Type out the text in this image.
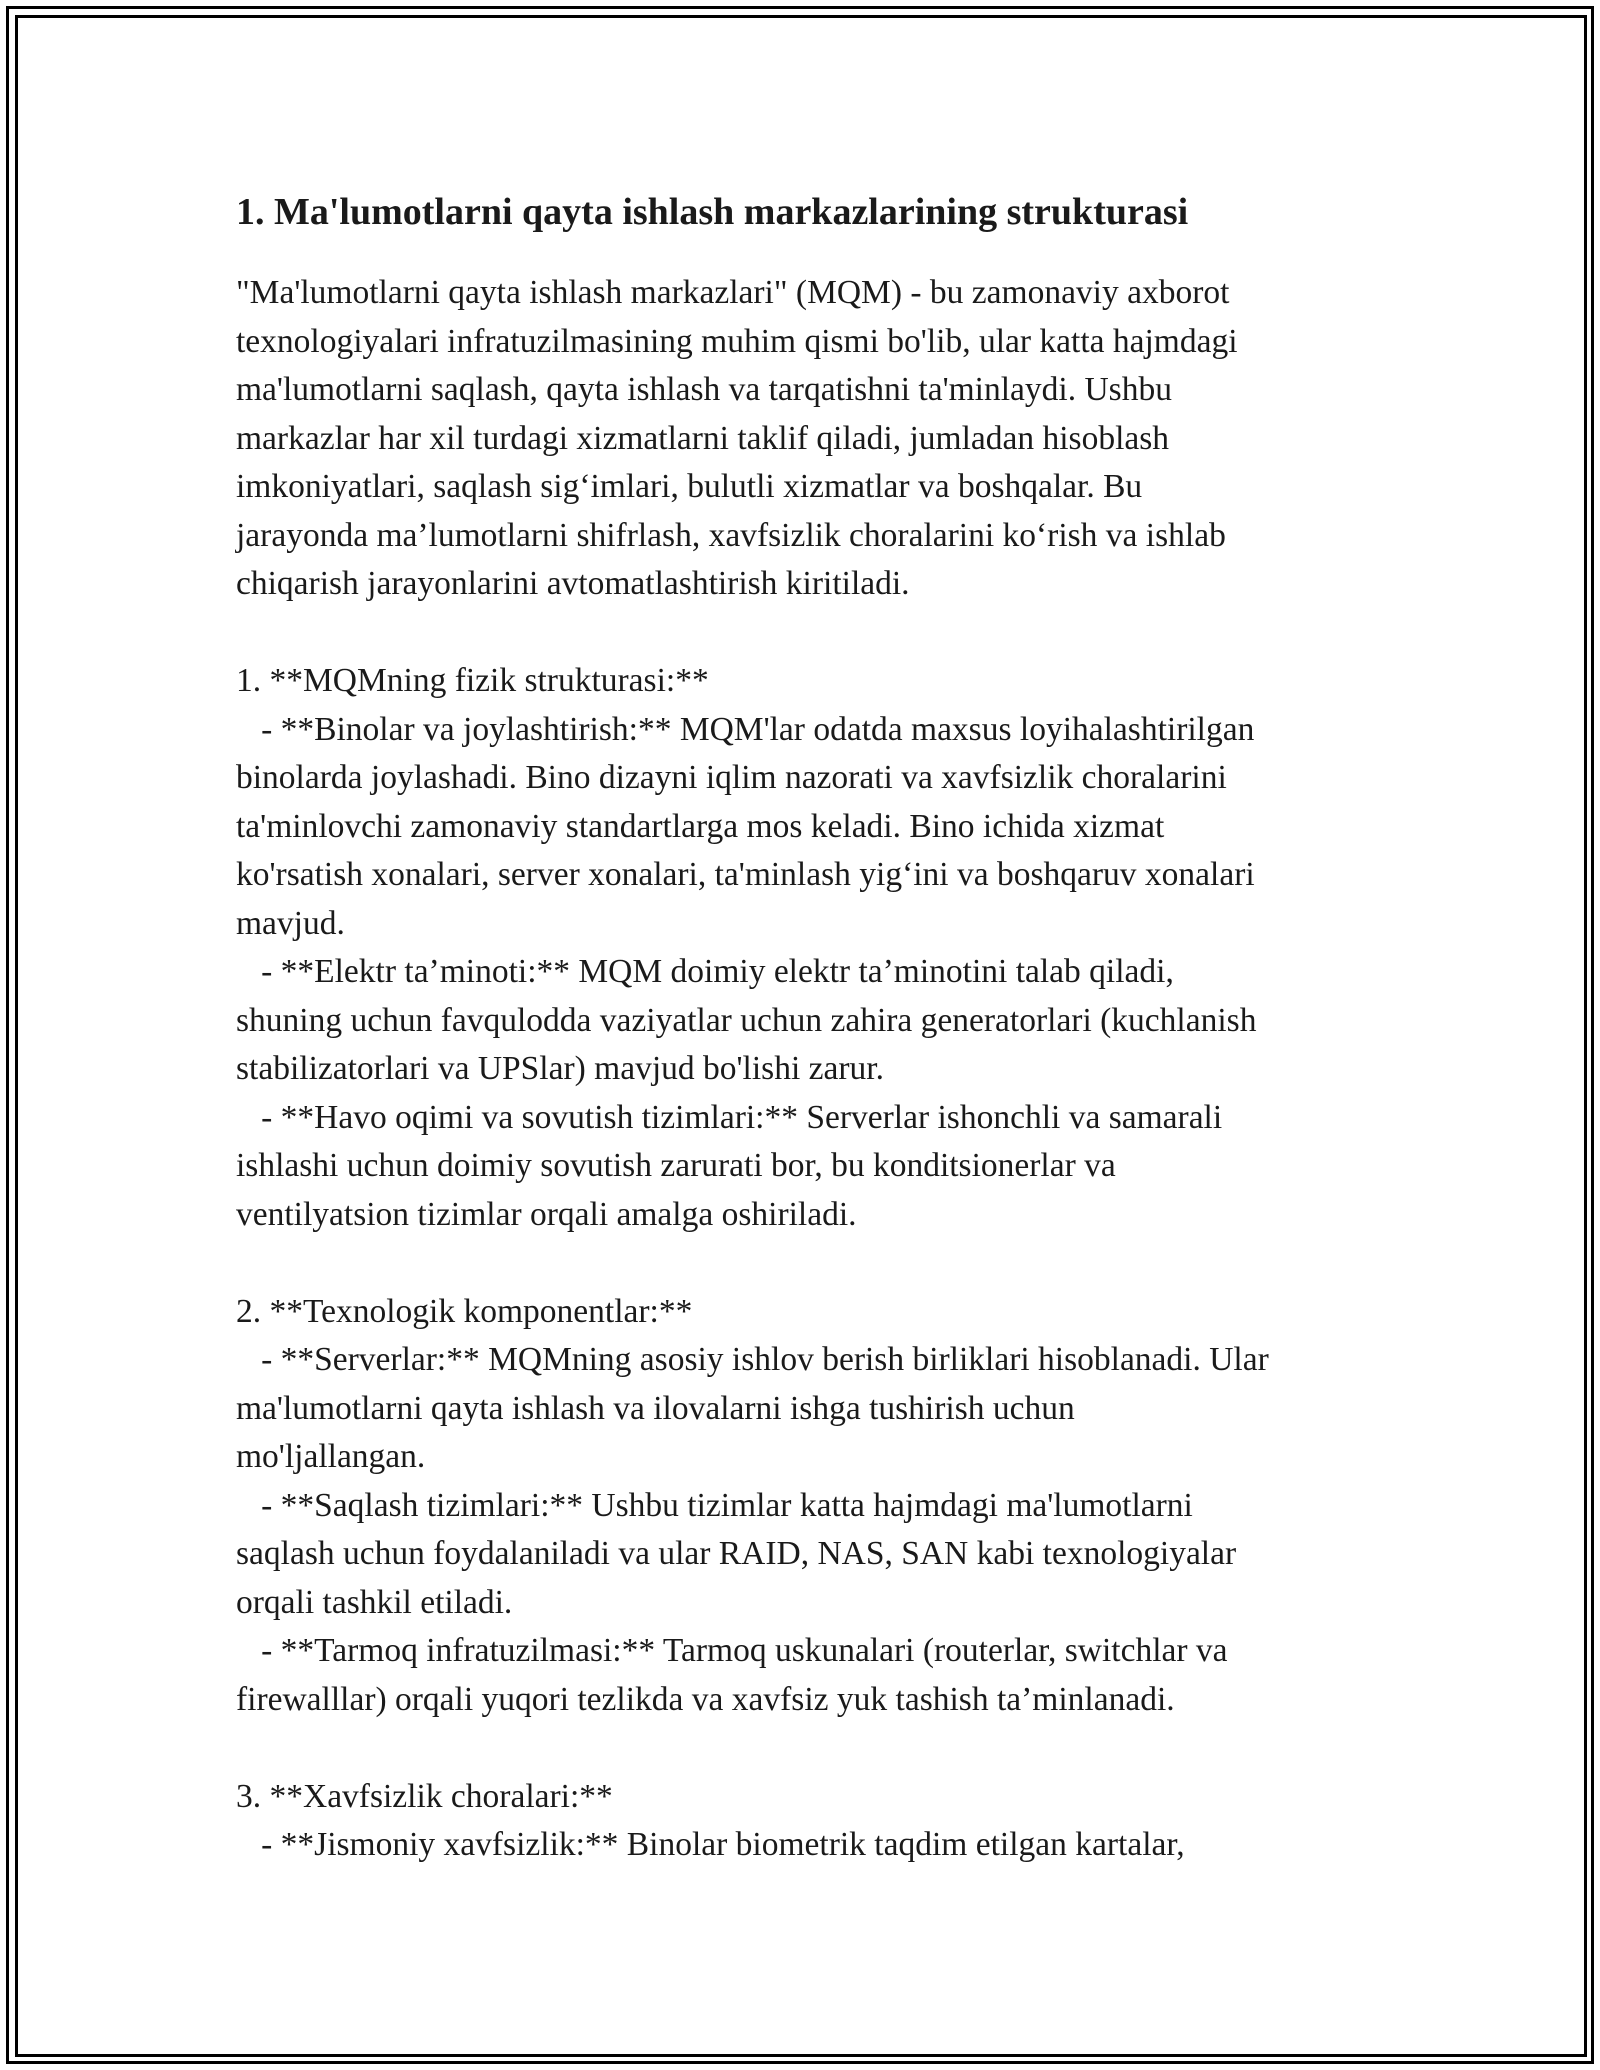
1. Ma'lumotlarni qayta ishlash markazlarining strukturasi

"Ma'lumotlarni qayta ishlash markazlari" (MQM) - bu zamonaviy axborot
texnologiyalari infratuzilmasining muhim qismi bo'lib, ular katta hajmdagi
ma'lumotlarni saqlash, qayta ishlash va tarqatishni ta'minlaydi. Ushbu
markazlar har xil turdagi xizmatlarni taklif qiladi, jumladan hisoblash
imkoniyatlari, saqlash sig‘imlari, bulutli xizmatlar va boshqalar. Bu
jarayonda ma’lumotlarni shifrlash, xavfsizlik choralarini ko‘rish va ishlab
chiqarish jarayonlarini avtomatlashtirish kiritiladi.

1. **MQMning fizik strukturasi:**
- **Binolar va joylashtirish:** MQM'lar odatda maxsus loyihalashtirilgan
binolarda joylashadi. Bino dizayni iqlim nazorati va xavfsizlik choralarini
ta'minlovchi zamonaviy standartlarga mos keladi. Bino ichida xizmat
ko'rsatish xonalari, server xonalari, ta'minlash yig‘ini va boshqaruv xonalari
mavjud.
- **Elektr ta’minoti:** MQM doimiy elektr ta’minotini talab qiladi,
shuning uchun favqulodda vaziyatlar uchun zahira generatorlari (kuchlanish
stabilizatorlari va UPSlar) mavjud bo'lishi zarur.
- **Havo oqimi va sovutish tizimlari:** Serverlar ishonchli va samarali
ishlashi uchun doimiy sovutish zarurati bor, bu konditsionerlar va
ventilyatsion tizimlar orqali amalga oshiriladi.

2. **Texnologik komponentlar:**
- **Serverlar:** MQMning asosiy ishlov berish birliklari hisoblanadi. Ular
ma'lumotlarni qayta ishlash va ilovalarni ishga tushirish uchun
mo'ljallangan.
- **Saqlash tizimlari:** Ushbu tizimlar katta hajmdagi ma'lumotlarni
saqlash uchun foydalaniladi va ular RAID, NAS, SAN kabi texnologiyalar
orqali tashkil etiladi.
- **Tarmoq infratuzilmasi:** Tarmoq uskunalari (routerlar, switchlar va
firewalllar) orqali yuqori tezlikda va xavfsiz yuk tashish ta’minlanadi.

3. **Xavfsizlik choralari:**
- **Jismoniy xavfsizlik:** Binolar biometrik taqdim etilgan kartalar,
